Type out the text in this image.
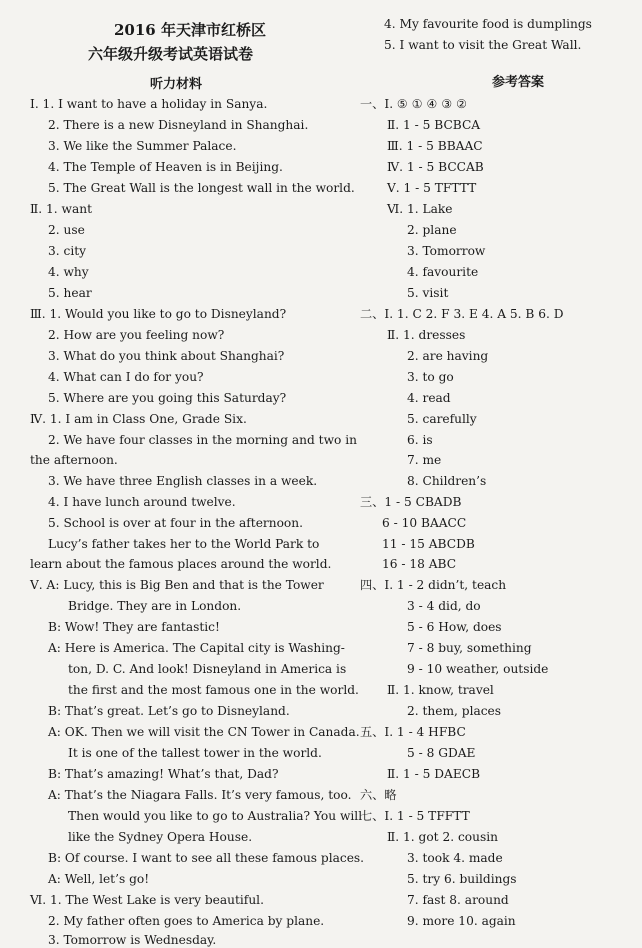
2016 年天津市红桥区
六年级升级考试英语试卷
听力材料
Ⅰ. 1. I want to have a holiday in Sanya.
2. There is a new Disneyland in Shanghai.
3. We like the Summer Palace.
4. The Temple of Heaven is in Beijing.
5. The Great Wall is the longest wall in the world.
Ⅱ. 1. want
2. use
3. city
4. why
5. hear
Ⅲ. 1. Would you like to go to Disneyland?
2. How are you feeling now?
3. What do you think about Shanghai?
4. What can I do for you?
5. Where are you going this Saturday?
Ⅳ. 1. I am in Class One, Grade Six.
2. We have four classes in the morning and two in
the afternoon.
3. We have three English classes in a week.
4. I have lunch around twelve.
5. School is over at four in the afternoon.
Lucy’s father takes her to the World Park to
learn about the famous places around the world.
Ⅴ. A: Lucy, this is Big Ben and that is the Tower
Bridge. They are in London.
B: Wow! They are fantastic!
A: Here is America. The Capital city is Washing-
ton, D. C. And look! Disneyland in America is
the first and the most famous one in the world.
B: That’s great. Let’s go to Disneyland.
A: OK. Then we will visit the CN Tower in Canada.
It is one of the tallest tower in the world.
B: That’s amazing! What’s that, Dad?
A: That’s the Niagara Falls. It’s very famous, too.
Then would you like to go to Australia? You will
like the Sydney Opera House.
B: Of course. I want to see all these famous places.
A: Well, let’s go!
Ⅵ. 1. The West Lake is very beautiful.
2. My father often goes to America by plane.
3. Tomorrow is Wednesday.
4. My favourite food is dumplings
5. I want to visit the Great Wall.
参考答案
一、Ⅰ. ⑤ ① ④ ③ ②
Ⅱ. 1 - 5 BCBCA
Ⅲ. 1 - 5 BBAAC
Ⅳ. 1 - 5 BCCAB
Ⅴ. 1 - 5 TFTTT
Ⅵ. 1. Lake
2. plane
3. Tomorrow
4. favourite
5. visit
二、Ⅰ. 1. C 2. F 3. E 4. A 5. B 6. D
Ⅱ. 1. dresses
2. are having
3. to go
4. read
5. carefully
6. is
7. me
8. Children’s
三、1 - 5 CBADB
6 - 10 BAACC
11 - 15 ABCDB
16 - 18 ABC
四、Ⅰ. 1 - 2 didn’t, teach
3 - 4 did, do
5 - 6 How, does
7 - 8 buy, something
9 - 10 weather, outside
Ⅱ. 1. know, travel
2. them, places
五、Ⅰ. 1 - 4 HFBC
5 - 8 GDAE
Ⅱ. 1 - 5 DAECB
六、略
七、Ⅰ. 1 - 5 TFFTT
Ⅱ. 1. got 2. cousin
3. took 4. made
5. try 6. buildings
7. fast 8. around
9. more 10. again
